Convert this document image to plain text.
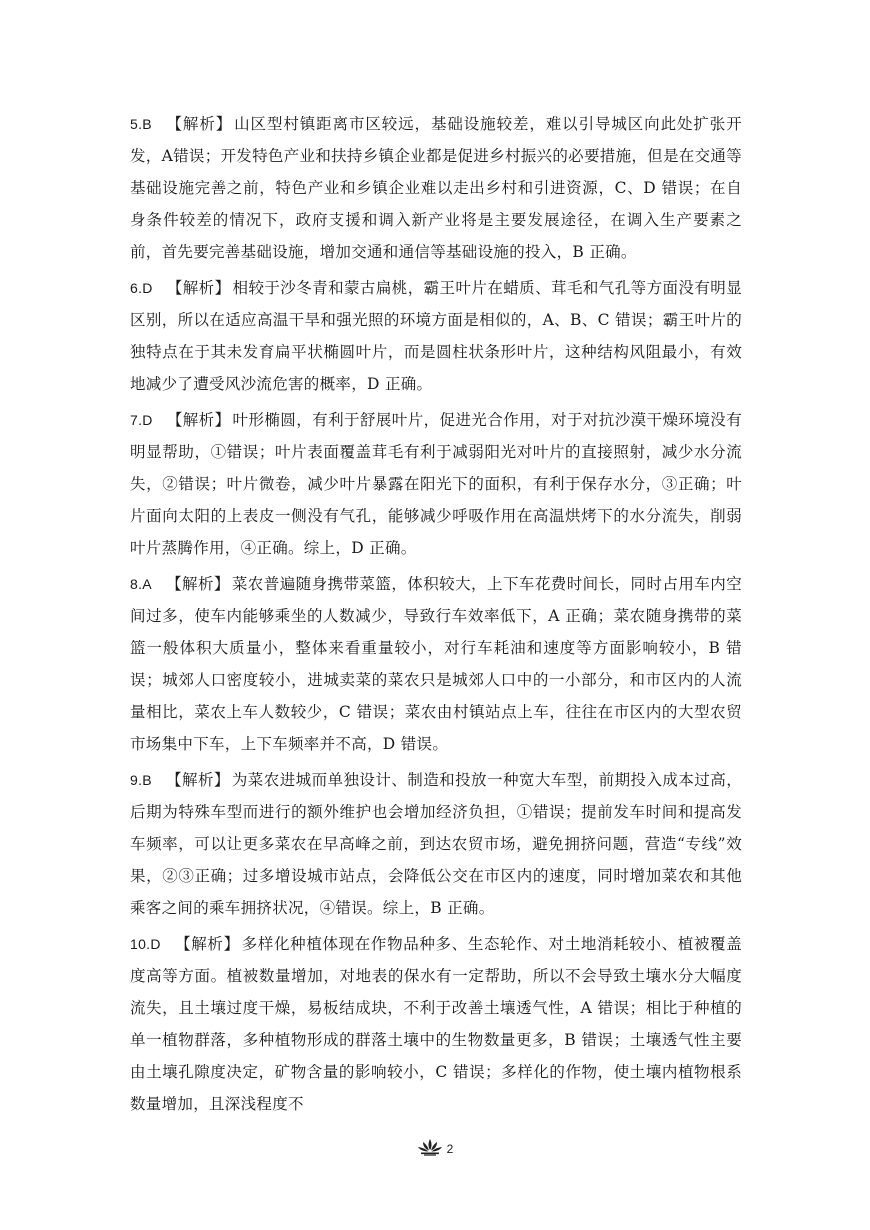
5.B 【解析】 山区型村镇距离市区较远，基础设施较差，难以引导城区向此处扩张开发，A错误；开发特色产业和扶持乡镇企业都是促进乡村振兴的必要措施，但是在交通等基础设施完善之前，特色产业和乡镇企业难以走出乡村和引进资源，C、D 错误；在自身条件较差的情况下，政府支援和调入新产业将是主要发展途径，在调入生产要素之前，首先要完善基础设施，增加交通和通信等基础设施的投入，B 正确。

6.D 【解析】 相较于沙冬青和蒙古扁桃，霸王叶片在蜡质、茸毛和气孔等方面没有明显区别，所以在适应高温干旱和强光照的环境方面是相似的，A、B、C 错误；霸王叶片的独特点在于其未发育扁平状椭圆叶片，而是圆柱状条形叶片，这种结构风阻最小，有效地减少了遭受风沙流危害的概率，D 正确。

7.D 【解析】 叶形椭圆，有利于舒展叶片，促进光合作用，对于对抗沙漠干燥环境没有明显帮助，①错误；叶片表面覆盖茸毛有利于减弱阳光对叶片的直接照射，减少水分流失，②错误；叶片微卷，减少叶片暴露在阳光下的面积，有利于保存水分，③正确；叶片面向太阳的上表皮一侧没有气孔，能够减少呼吸作用在高温烘烤下的水分流失，削弱叶片蒸腾作用，④正确。综上，D 正确。

8.A 【解析】 菜农普遍随身携带菜篮，体积较大，上下车花费时间长，同时占用车内空间过多，使车内能够乘坐的人数减少，导致行车效率低下，A 正确；菜农随身携带的菜篮一般体积大质量小，整体来看重量较小，对行车耗油和速度等方面影响较小，B 错误；城郊人口密度较小，进城卖菜的菜农只是城郊人口中的一小部分，和市区内的人流量相比，菜农上车人数较少，C 错误；菜农由村镇站点上车，往往在市区内的大型农贸市场集中下车，上下车频率并不高，D 错误。

9.B 【解析】 为菜农进城而单独设计、制造和投放一种宽大车型，前期投入成本过高，后期为特殊车型而进行的额外维护也会增加经济负担，①错误；提前发车时间和提高发车频率，可以让更多菜农在早高峰之前，到达农贸市场，避免拥挤问题，营造“专线”效果，②③正确；过多增设城市站点，会降低公交在市区内的速度，同时增加菜农和其他乘客之间的乘车拥挤状况，④错误。综上，B 正确。

10.D 【解析】 多样化种植体现在作物品种多、生态轮作、对土地消耗较小、植被覆盖度高等方面。植被数量增加，对地表的保水有一定帮助，所以不会导致土壤水分大幅度流失，且土壤过度干燥，易板结成块，不利于改善土壤透气性，A 错误；相比于种植的单一植物群落，多种植物形成的群落土壤中的生物数量更多，B 错误；土壤透气性主要由土壤孔隙度决定，矿物含量的影响较小，C 错误；多样化的作物，使土壤内植物根系数量增加，且深浅程度不

2
